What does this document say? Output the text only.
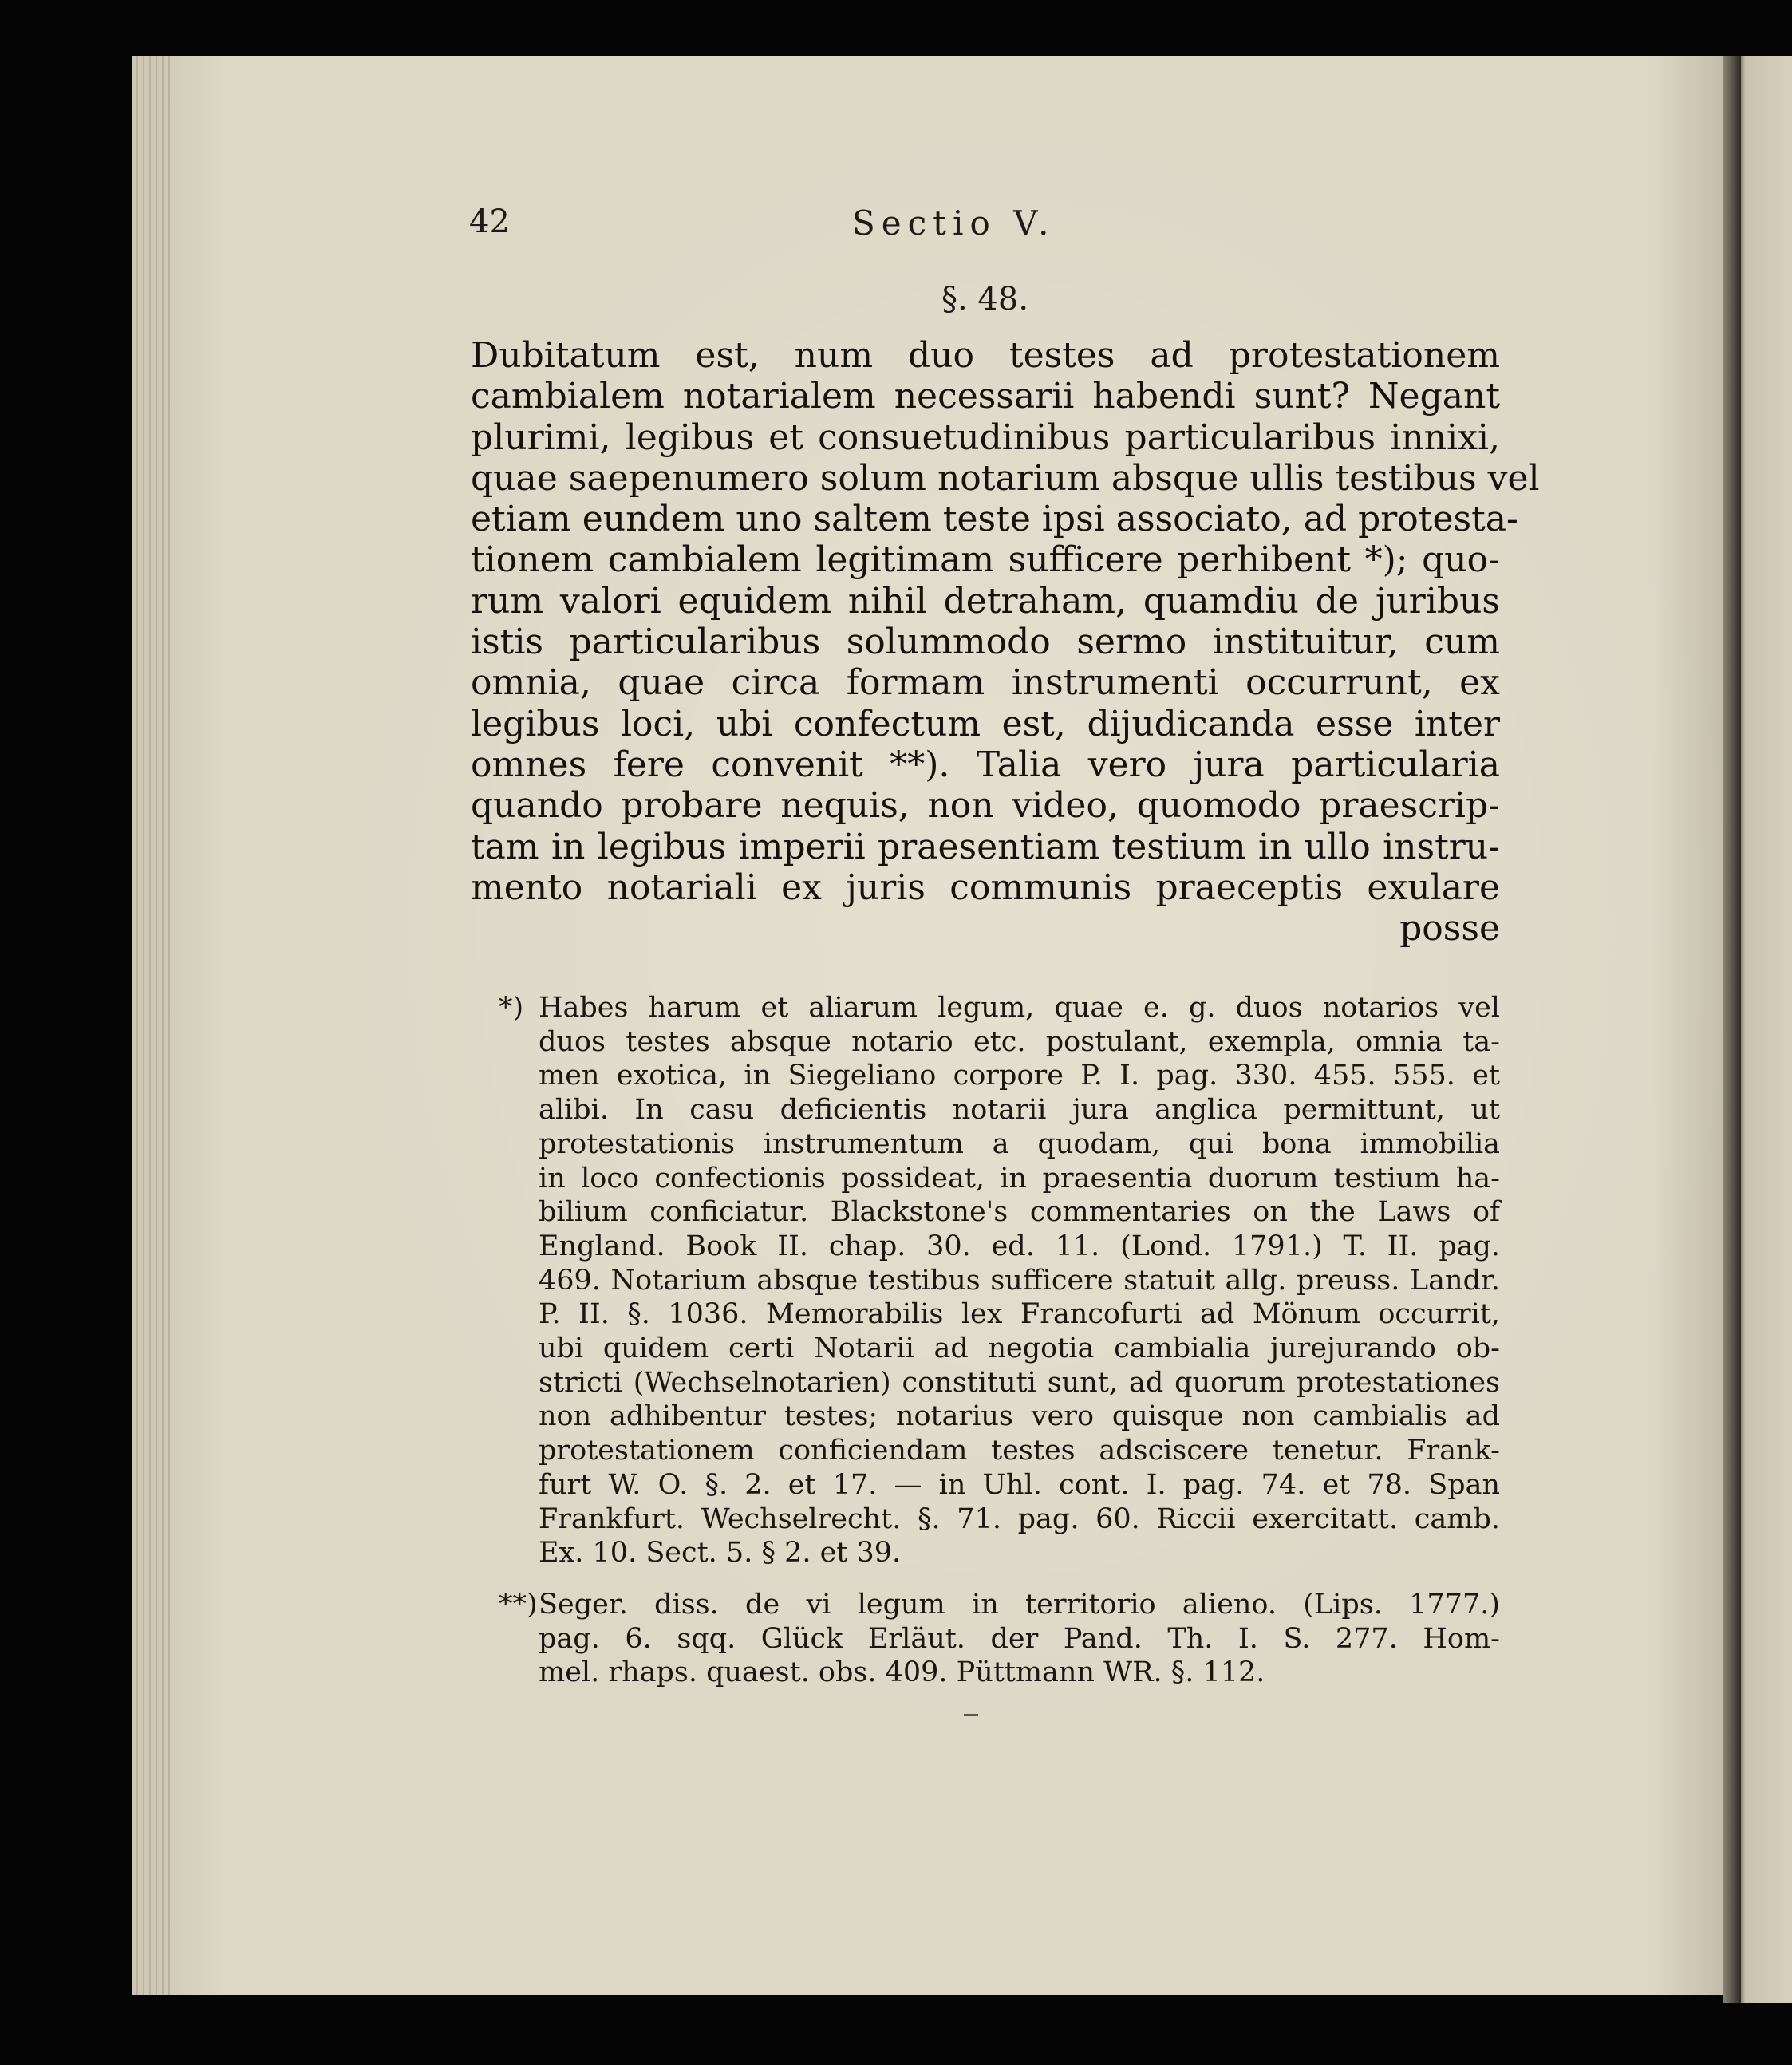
42	Sectio V.
§. 48.
Dubitatum est, num duo testes ad protestationem
cambialem notarialem necessarii habendi sunt? Negant
plurimi, legibus et consuetudinibus particularibus innixi,
quae saepenumero solum notarium absque ullis testibus vel
etiam eundem uno saltem teste ipsi associato, ad protesta-
tionem cambialem legitimam sufficere perhibent *); quo-
rum valori equidem nihil detraham, quamdiu de juribus
istis particularibus solummodo sermo instituitur, cum
omnia, quae circa formam instrumenti occurrunt, ex
legibus loci, ubi confectum est, dijudicanda esse inter
omnes fere convenit **). Talia vero jura particularia
quando probare nequis, non video, quomodo praescrip-
tam in legibus imperii praesentiam testium in ullo instru-
mento notariali ex juris communis praeceptis exulare
posse
*) Habes harum et aliarum legum, quae e. g. duos notarios vel
duos testes absque notario etc. postulant, exempla, omnia ta-
men exotica, in Siegeliano corpore P. I. pag. 330. 455. 555. et
alibi. In casu deficientis notarii jura anglica permittunt, ut
protestationis instrumentum a quodam, qui bona immobilia
in loco confectionis possideat, in praesentia duorum testium ha-
bilium conficiatur. Blackstone's commentaries on the Laws of
England. Book II. chap. 30. ed. 11. (Lond. 1791.) T. II. pag.
469. Notarium absque testibus sufficere statuit allg. preuss. Landr.
P. II. §. 1036. Memorabilis lex Francofurti ad Mönum occurrit,
ubi quidem certi Notarii ad negotia cambialia jurejurando ob-
stricti (Wechselnotarien) constituti sunt, ad quorum protestationes
non adhibentur testes; notarius vero quisque non cambialis ad
protestationem conficiendam testes adsciscere tenetur. Frank-
furt W. O. §. 2. et 17. — in Uhl. cont. I. pag. 74. et 78. Span
Frankfurt. Wechselrecht. §. 71. pag. 60. Riccii exercitatt. camb.
Ex. 10. Sect. 5. § 2. et 39.
**) Seger. diss. de vi legum in territorio alieno. (Lips. 1777.)
pag. 6. sqq. Glück Erläut. der Pand. Th. I. S. 277. Hom-
mel. rhaps. quaest. obs. 409. Püttmann WR. §. 112.
